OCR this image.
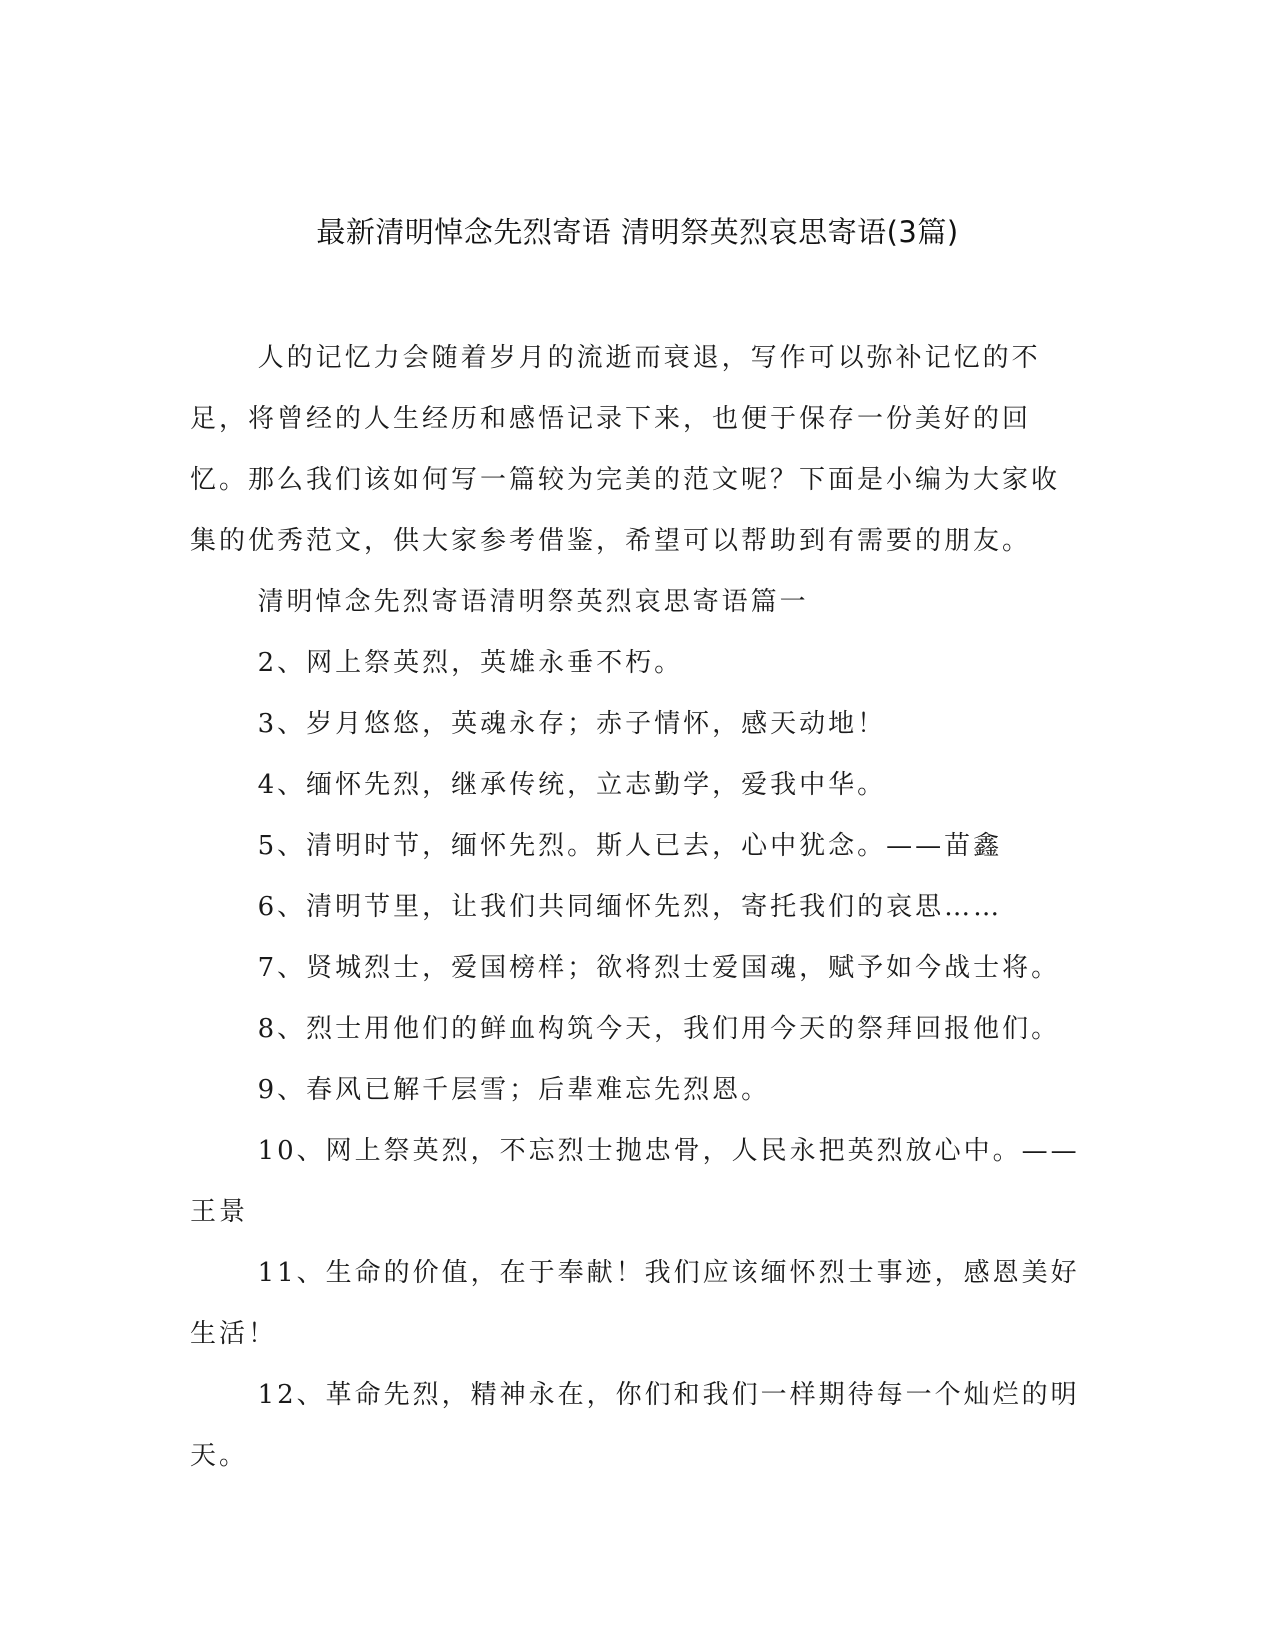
最新清明悼念先烈寄语 清明祭英烈哀思寄语(3篇)

人的记忆力会随着岁月的流逝而衰退，写作可以弥补记忆的不足，将曾经的人生经历和感悟记录下来，也便于保存一份美好的回忆。那么我们该如何写一篇较为完美的范文呢？下面是小编为大家收集的优秀范文，供大家参考借鉴，希望可以帮助到有需要的朋友。

清明悼念先烈寄语清明祭英烈哀思寄语篇一

2、网上祭英烈，英雄永垂不朽。

3、岁月悠悠，英魂永存；赤子情怀，感天动地！

4、缅怀先烈，继承传统，立志勤学，爱我中华。

5、清明时节，缅怀先烈。斯人已去，心中犹念。——苗鑫

6、清明节里，让我们共同缅怀先烈，寄托我们的哀思……

7、贤城烈士，爱国榜样；欲将烈士爱国魂，赋予如今战士将。

8、烈士用他们的鲜血构筑今天，我们用今天的祭拜回报他们。

9、春风已解千层雪；后辈难忘先烈恩。

10、网上祭英烈，不忘烈士抛忠骨，人民永把英烈放心中。——王景

11、生命的价值，在于奉献！我们应该缅怀烈士事迹，感恩美好生活！

12、革命先烈，精神永在，你们和我们一样期待每一个灿烂的明天。
